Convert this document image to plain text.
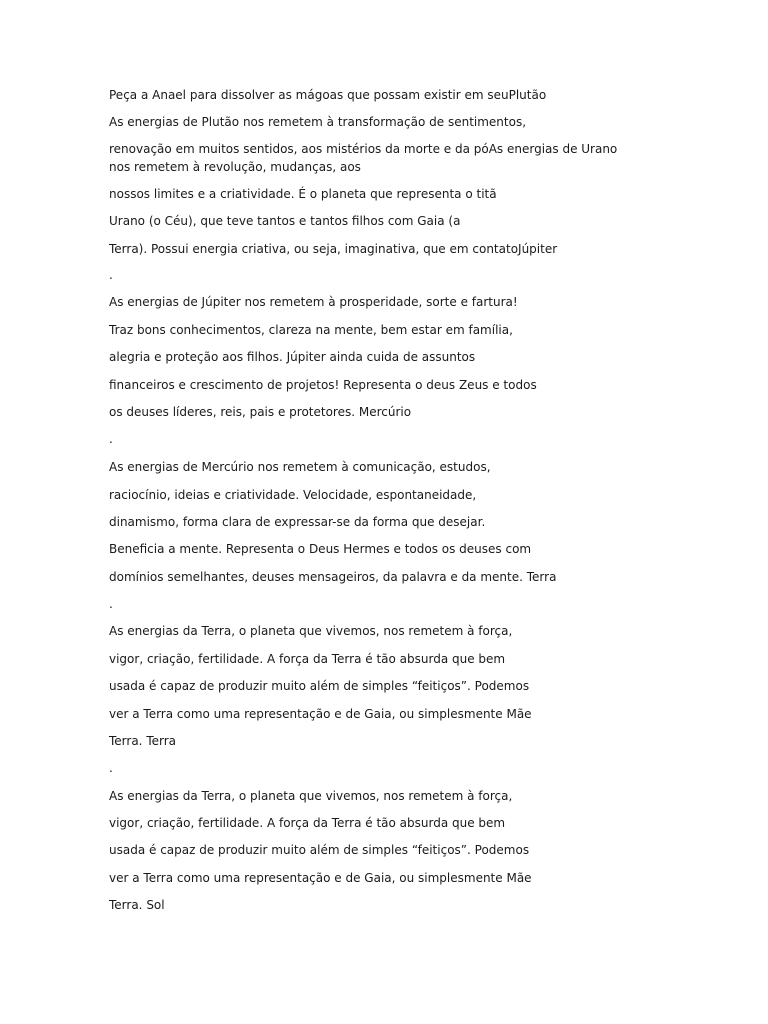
Peça a Anael para dissolver as mágoas que possam existir em seuPlutão
As energias de Plutão nos remetem à transformação de sentimentos,
renovação em muitos sentidos, aos mistérios da morte e da póAs energias de Urano nos remetem à revolução, mudanças, aos
nossos limites e a criatividade. É o planeta que representa o titã
Urano (o Céu), que teve tantos e tantos filhos com Gaia (a
Terra). Possui energia criativa, ou seja, imaginativa, que em contatoJúpiter
.
As energias de Júpiter nos remetem à prosperidade, sorte e fartura!
Traz bons conhecimentos, clareza na mente, bem estar em família,
alegria e proteção aos filhos. Júpiter ainda cuida de assuntos
financeiros e crescimento de projetos! Representa o deus Zeus e todos
os deuses líderes, reis, pais e protetores. Mercúrio
.
As energias de Mercúrio nos remetem à comunicação, estudos,
raciocínio, ideias e criatividade. Velocidade, espontaneidade,
dinamismo, forma clara de expressar-se da forma que desejar.
Beneficia a mente. Representa o Deus Hermes e todos os deuses com
domínios semelhantes, deuses mensageiros, da palavra e da mente. Terra
.
As energias da Terra, o planeta que vivemos, nos remetem à força,
vigor, criação, fertilidade. A força da Terra é tão absurda que bem
usada é capaz de produzir muito além de simples “feitiços”. Podemos
ver a Terra como uma representação e de Gaia, ou simplesmente Mãe
Terra. Terra
.
As energias da Terra, o planeta que vivemos, nos remetem à força,
vigor, criação, fertilidade. A força da Terra é tão absurda que bem
usada é capaz de produzir muito além de simples “feitiços”. Podemos
ver a Terra como uma representação e de Gaia, ou simplesmente Mãe
Terra. Sol
